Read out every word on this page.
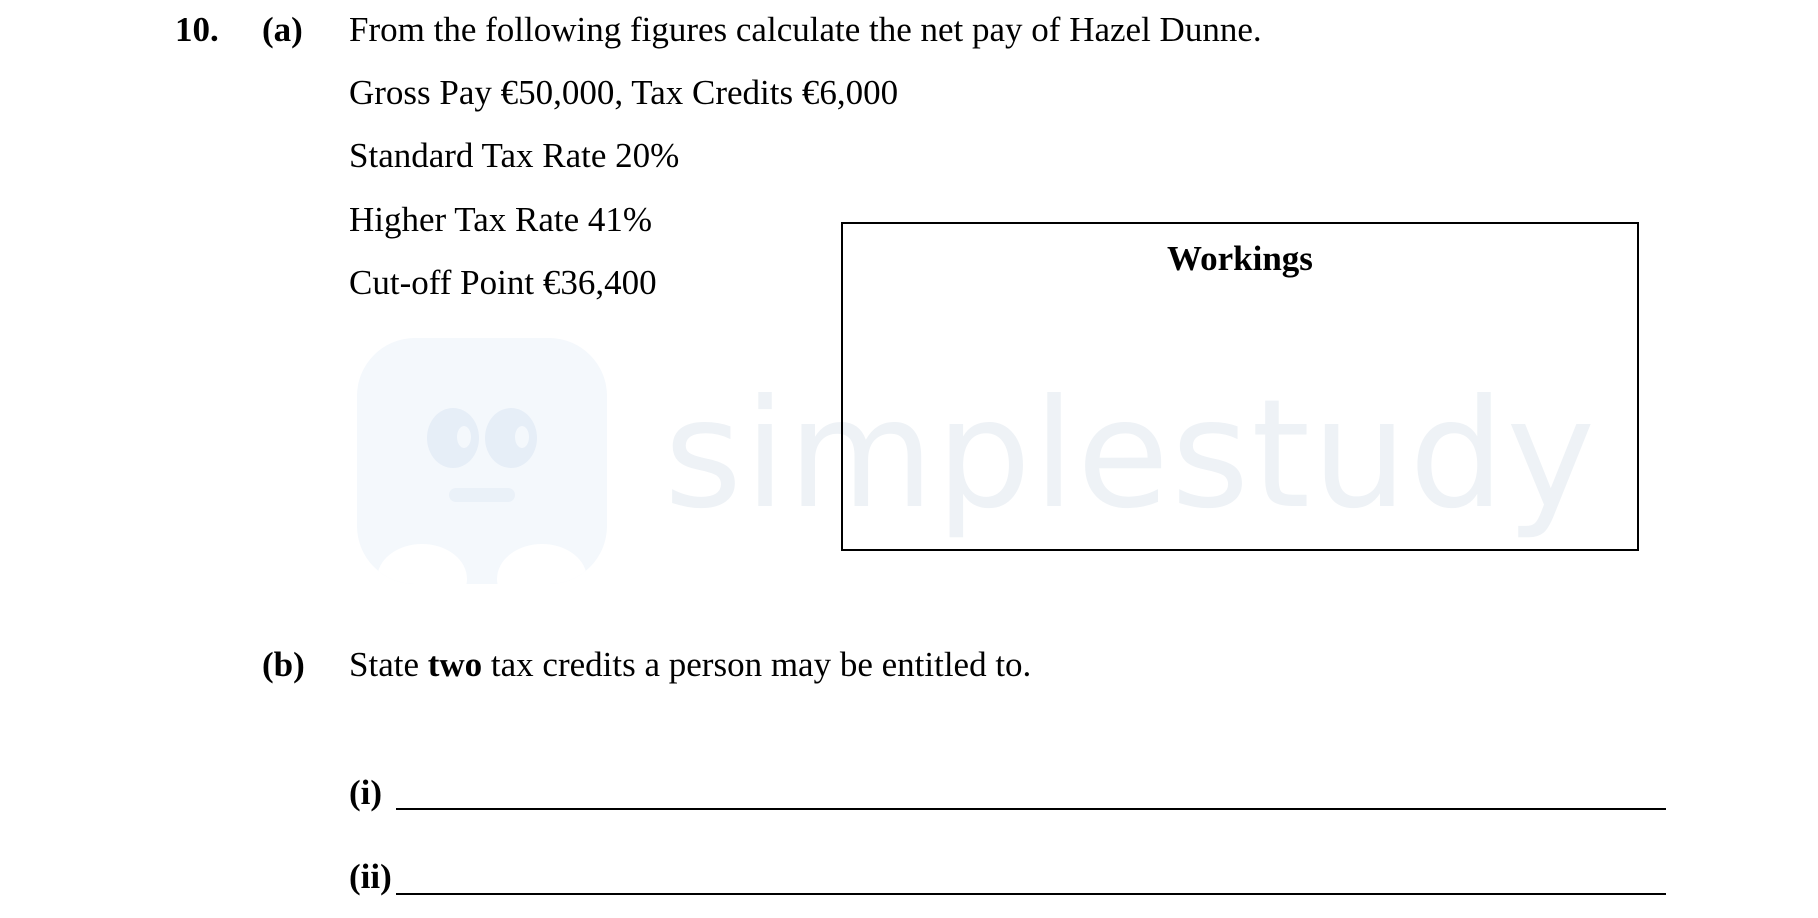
simplestudy
10. (a) From the following figures calculate the net pay of Hazel Dunne.
Gross Pay €50,000, Tax Credits €6,000
Standard Tax Rate 20%
Higher Tax Rate 41%
Cut-off Point €36,400
Workings
(b) State two tax credits a person may be entitled to.
(i)
(ii)
